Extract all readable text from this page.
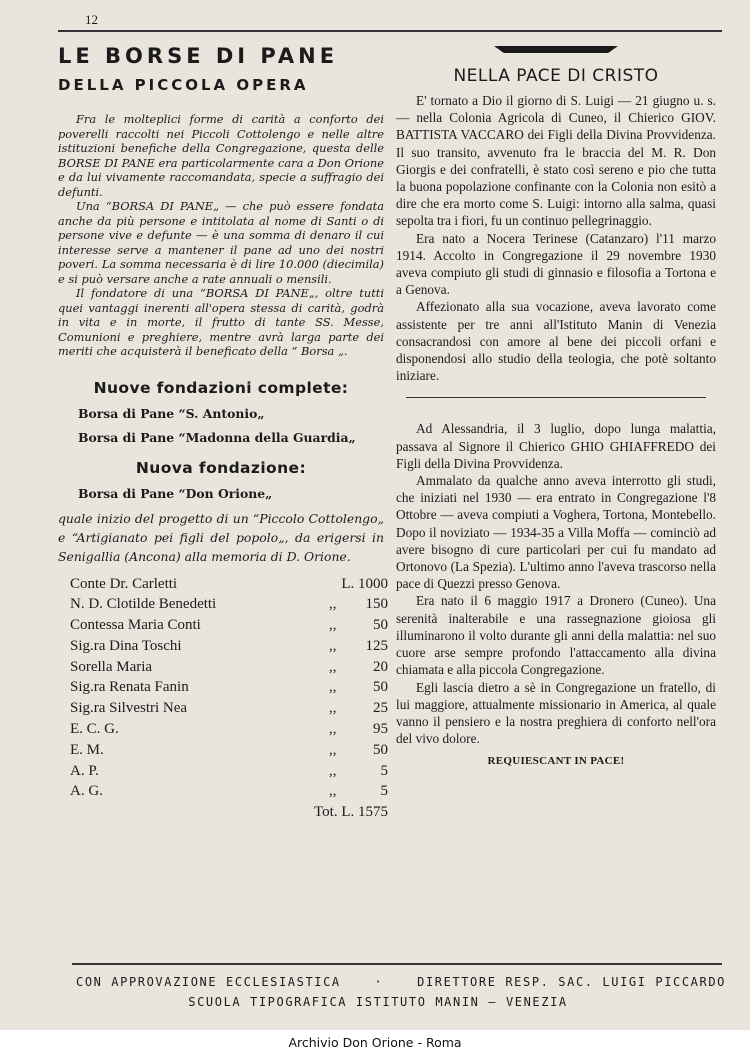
12
LE BORSE DI PANE
DELLA PICCOLA OPERA

Fra le molteplici forme di carità a conforto dei poverelli raccolti nei Piccoli Cottolengo e nelle altre istituzioni benefiche della Congregazione, questa delle BORSE DI PANE era particolarmente cara a Don Orione e da lui vivamente raccomandata, specie a suffragio dei defunti.

Una “BORSA DI PANE„ — che può essere fondata anche da più persone e intitolata al nome di Santi o di persone vive e defunte — è una somma di denaro il cui interesse serve a mantener il pane ad uno dei nostri poveri. La somma necessaria è di lire 10.000 (diecimila) e si può versare anche a rate annuali o mensili.

Il fondatore di una “BORSA DI PANE„, oltre tutti quei vantaggi inerenti all'opera stessa di carità, godrà in vita e in morte, il frutto di tante SS. Messe, Comunioni e preghiere, mentre avrà larga parte dei meriti che acquisterà il beneficato della “ Borsa „.

Nuove fondazioni complete:
Borsa di Pane “S. Antonio„
Borsa di Pane “Madonna della Guardia„
Nuova fondazione:
Borsa di Pane “Don Orione„
quale inizio del progetto di un “Piccolo Cottolengo„ e “Artigianato pei figli del popolo„, da erigersi in Senigallia (Ancona) alla memoria di D. Orione.
Conte Dr. Carletti	L. 1000
N. D. Clotilde Benedetti	,, 150
Contessa Maria Conti	,, 50
Sig.ra Dina Toschi	,, 125
Sorella Maria	,, 20
Sig.ra Renata Fanin	,, 50
Sig.ra Silvestri Nea	,, 25
E. C. G.	,, 95
E. M.	,, 50
A. P.	,,	5
A. G.	,,	5
Tot. L. 1575
NELLA PACE DI CRISTO

E' tornato a Dio il giorno di S. Luigi — 21 giugno u. s. — nella Colonia Agricola di Cuneo, il Chierico GIOV. BATTISTA VACCARO dei Figli della Divina Provvidenza. Il suo transito, avvenuto fra le braccia del M. R. Don Giorgis e dei confratelli, è stato così sereno e pio che tutta la buona popolazione confinante con la Colonia non esitò a dire che era morto come S. Luigi: intorno alla salma, quasi sepolta tra i fiori, fu un continuo pellegrinaggio.

Era nato a Nocera Terinese (Catanzaro) l'11 marzo 1914. Accolto in Congregazione il 29 novembre 1930 aveva compiuto gli studi di ginnasio e filosofia a Tortona e a Genova.

Affezionato alla sua vocazione, aveva lavorato come assistente per tre anni all'Istituto Manin di Venezia consacrandosi con amore al bene dei piccoli orfani e disponendosi allo studio della teologia, che potè soltanto iniziare.

Ad Alessandria, il 3 luglio, dopo lunga malattia, passava al Signore il Chierico GHIO GHIAFFREDO dei Figli della Divina Provvidenza.

Ammalato da qualche anno aveva interrotto gli studi, che iniziati nel 1930 — era entrato in Congregazione l'8 Ottobre — aveva compiuti a Voghera, Tortona, Montebello. Dopo il noviziato — 1934-35 a Villa Moffa — cominciò ad avere bisogno di cure particolari per cui fu mandato ad Ortonovo (La Spezia). L'ultimo anno l'aveva trascorso nella pace di Quezzi presso Genova.

Era nato il 6 maggio 1917 a Dronero (Cuneo). Una serenità inalterabile e una rassegnazione gioiosa gli illuminarono il volto durante gli anni della malattia: nel suo cuore arse sempre profondo l'attaccamento alla divina chiamata e alla piccola Congregazione.

Egli lascia dietro a sè in Congregazione un fratello, di lui maggiore, attualmente missionario in America, al quale vanno il pensiero e la nostra preghiera di conforto nell'ora del vivo dolore.

REQUIESCANT IN PACE!
CON APPROVAZIONE ECCLESIASTICA	·	DIRETTORE RESP. SAC. LUIGI PICCARDO
SCUOLA TIPOGRAFICA ISTITUTO MANIN — VENEZIA
Archivio Don Orione - Roma
